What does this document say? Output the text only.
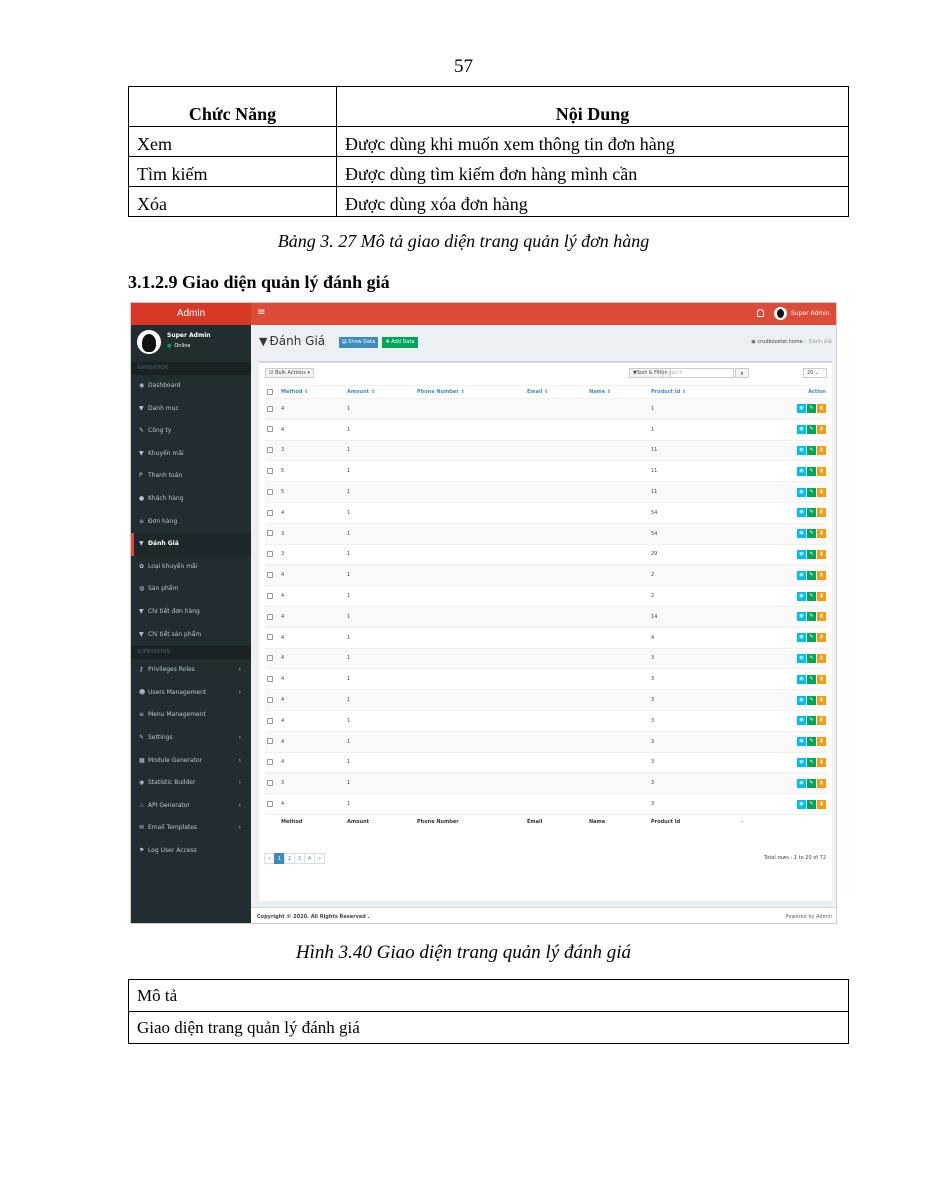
57
Chức Năng	Nội Dung
Xem	Được dùng khi muốn xem thông tin đơn hàng
Tìm kiếm	Được dùng tìm kiếm đơn hàng mình cần
Xóa	Được dùng xóa đơn hàng
Bảng 3. 27 Mô tả giao diện trang quản lý đơn hàng
3.1.2.9 Giao diện quản lý đánh giá
Admin	≡	Super Admin
Super Admin
● Online
NAVIGATION
◉ Dashboard
▼ Danh mục
✎ Công ty
▼ Khuyến mãi
P Thanh toán
● Khách hàng
≡ Đơn hàng
▼ Đánh Giá
✿ Loại khuyến mãi
◍ Sản phẩm
▼ Chi tiết đơn hàng
▼ Chi tiết sản phẩm
SUPERADMIN
⚷ Privileges Roles	›
☻ Users Management	›
≡ Menu Management
✎ Settings	›
▦ Module Generator	›
◉ Statistic Builder	›
♨ API Generator	›
✉ Email Templates	›
⚑ Log User Access
▼ Đánh Giá	▤ Show Data	✚ Add Data	◉ crudbooster.home › Đánh Giá
☑ Bulk Actions ▾	▼Sort & Filter search	⌕	20 ⌄
	Method ⇕	Amount ⇕	Phone Number ⇕	Email ⇕	Name ⇕	Product Id ⇕	Action
	4	1				1	◉ ✎ ▮
	4	1				1	◉ ✎ ▮
	3	1				11	◉ ✎ ▮
	5	1				11	◉ ✎ ▮
	5	1				11	◉ ✎ ▮
	4	1				54	◉ ✎ ▮
	3	1				54	◉ ✎ ▮
	3	1				29	◉ ✎ ▮
	4	1				2	◉ ✎ ▮
	4	1				2	◉ ✎ ▮
	4	1				14	◉ ✎ ▮
	4	1				4	◉ ✎ ▮
	4	1				3	◉ ✎ ▮
	4	1				3	◉ ✎ ▮
	4	1				3	◉ ✎ ▮
	4	1				3	◉ ✎ ▮
	4	1				3	◉ ✎ ▮
	4	1				3	◉ ✎ ▮
	3	1				3	◉ ✎ ▮
	4	1				3	◉ ✎ ▮
	Method	Amount	Phone Number	Email	Name	Product Id	-
«	1	2	3	4	»	Total rows : 1 to 20 of 72
Copyright © 2020. All Rights Reserved .	Powered by Admin
Hình 3.40 Giao diện trang quản lý đánh giá
Mô tả
Giao diện trang quản lý đánh giá
